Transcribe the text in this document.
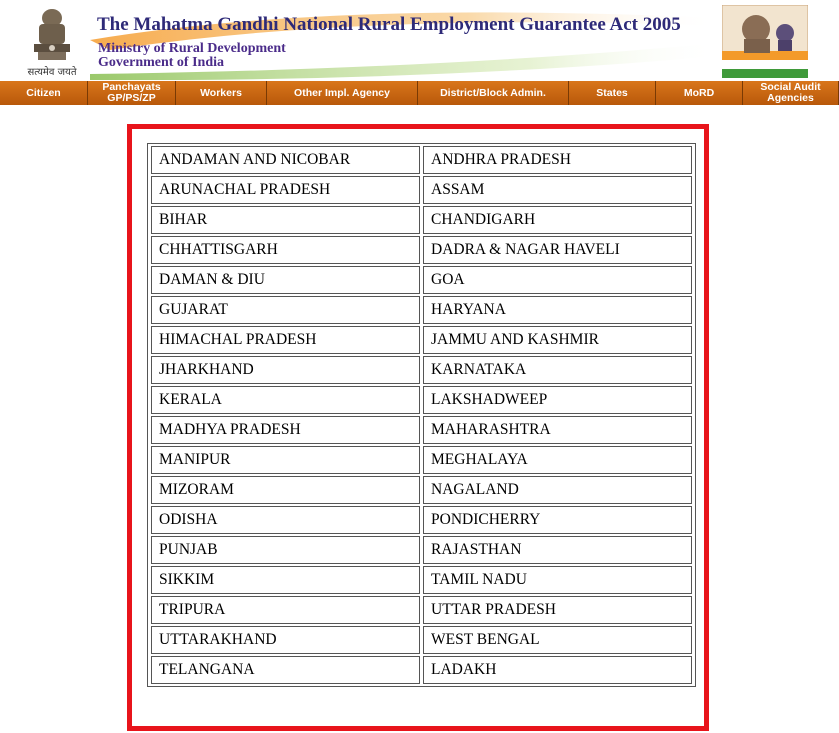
सत्यमेव जयते
The Mahatma Gandhi National Rural Employment Guarantee Act 2005
Ministry of Rural Development
Government of India
Citizen	Panchayats GP/PS/ZP	Workers	Other Impl. Agency	District/Block Admin.	States	MoRD	Social Audit Agencies
ANDAMAN AND NICOBAR	ANDHRA PRADESH
ARUNACHAL PRADESH	ASSAM
BIHAR	CHANDIGARH
CHHATTISGARH	DADRA & NAGAR HAVELI
DAMAN & DIU	GOA
GUJARAT	HARYANA
HIMACHAL PRADESH	JAMMU AND KASHMIR
JHARKHAND	KARNATAKA
KERALA	LAKSHADWEEP
MADHYA PRADESH	MAHARASHTRA
MANIPUR	MEGHALAYA
MIZORAM	NAGALAND
ODISHA	PONDICHERRY
PUNJAB	RAJASTHAN
SIKKIM	TAMIL NADU
TRIPURA	UTTAR PRADESH
UTTARAKHAND	WEST BENGAL
TELANGANA	LADAKH
